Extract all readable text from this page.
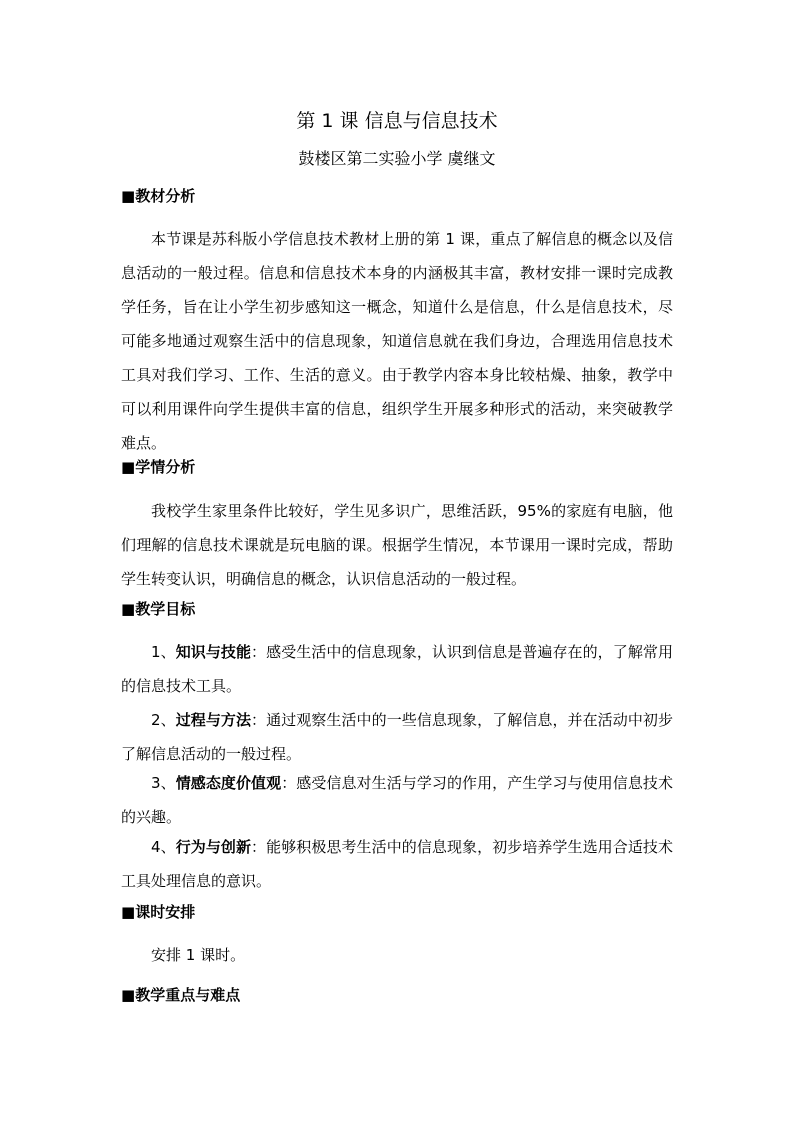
第 1 课 信息与信息技术
鼓楼区第二实验小学 虞继文
■教材分析
本节课是苏科版小学信息技术教材上册的第 1 课，重点了解信息的概念以及信息活动的一般过程。信息和信息技术本身的内涵极其丰富，教材安排一课时完成教学任务，旨在让小学生初步感知这一概念，知道什么是信息，什么是信息技术，尽可能多地通过观察生活中的信息现象，知道信息就在我们身边，合理选用信息技术工具对我们学习、工作、生活的意义。由于教学内容本身比较枯燥、抽象，教学中可以利用课件向学生提供丰富的信息，组织学生开展多种形式的活动，来突破教学难点。
■学情分析
我校学生家里条件比较好，学生见多识广，思维活跃，95%的家庭有电脑，他们理解的信息技术课就是玩电脑的课。根据学生情况，本节课用一课时完成，帮助学生转变认识，明确信息的概念，认识信息活动的一般过程。
■教学目标
1、知识与技能：感受生活中的信息现象，认识到信息是普遍存在的，了解常用的信息技术工具。
2、过程与方法：通过观察生活中的一些信息现象，了解信息，并在活动中初步了解信息活动的一般过程。
3、情感态度价值观：感受信息对生活与学习的作用，产生学习与使用信息技术的兴趣。
4、行为与创新：能够积极思考生活中的信息现象，初步培养学生选用合适技术工具处理信息的意识。
■课时安排
安排 1 课时。
■教学重点与难点
